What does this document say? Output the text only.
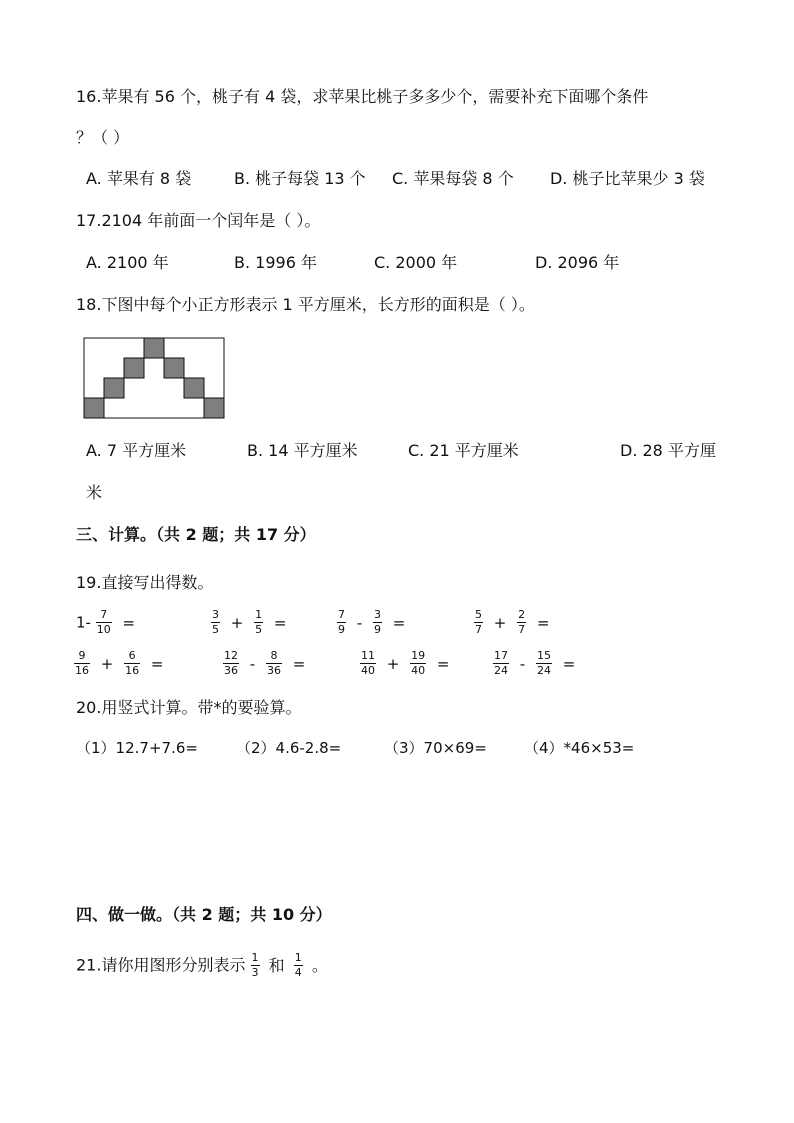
16.苹果有 56 个，桃子有 4 袋，求苹果比桃子多多少个，需要补充下面哪个条件
？（ ）
A. 苹果有 8 袋	B. 桃子每袋 13 个 C. 苹果每袋 8 个 D. 桃子比苹果少 3 袋
17.2104 年前面一个闰年是（ ）。
A. 2100 年	B. 1996 年	C. 2000 年	D. 2096 年
18.下图中每个小正方形表示 1 平方厘米，长方形的面积是（ ）。
A. 7 平方厘米	B. 14 平方厘米	C. 21 平方厘米	D. 28 平方厘
米
三、计算。（共 2 题；共 17 分）
19.直接写出得数。
$1- \frac{7}{10}$ =	$\frac{3}{5} + \frac{1}{5}$ =	$\frac{7}{9} - \frac{3}{9}$ =	$\frac{5}{7} + \frac{2}{7}$ =
$\frac{9}{16} + \frac{6}{16}$ =	$\frac{12}{36} - \frac{8}{36}$ =	$\frac{11}{40} + \frac{19}{40}$ =	$\frac{17}{24} - \frac{15}{24}$ =
20.用竖式计算。带*的要验算。
（1）12.7+7.6=	（2）4.6-2.8=	（3）70×69= （4）*46×53=
四、做一做。（共 2 题；共 10 分）
21.请你用图形分别表示 $\frac{1}{3}$ 和 $\frac{1}{4}$ 。
